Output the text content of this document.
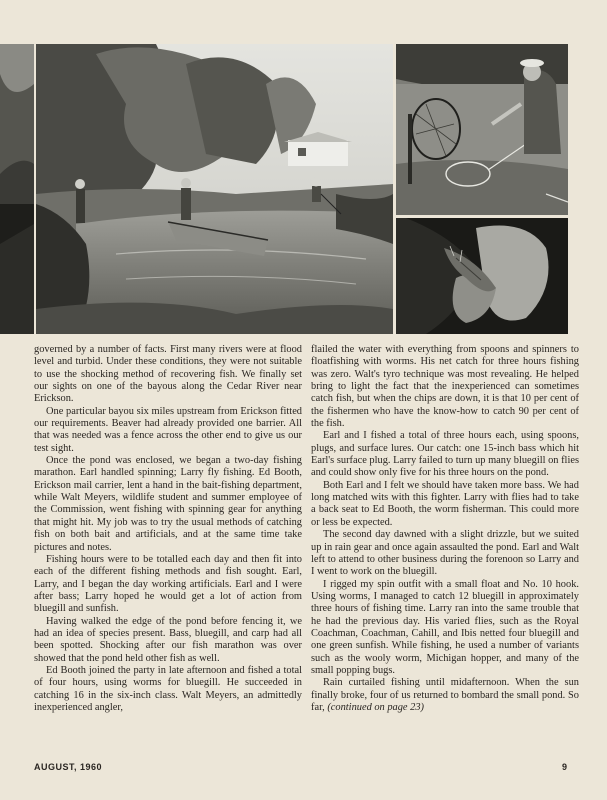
governed by a number of facts. First many rivers were at flood level and turbid. Under these conditions, they were not suitable to use the shocking method of recovering fish. We finally set our sights on one of the bayous along the Cedar River near Erickson.

One particular bayou six miles upstream from Erickson fitted our requirements. Beaver had already provided one barrier. All that was needed was a fence across the other end to give us our test sight.

Once the pond was enclosed, we began a two-day fishing marathon. Earl handled spinning; Larry fly fishing. Ed Booth, Erickson mail carrier, lent a hand in the bait-fishing department, while Walt Meyers, wildlife student and summer employee of the Commission, went fishing with spinning gear for anything that might hit. My job was to try the usual methods of catching fish on both bait and artificials, and at the same time take pictures and notes.

Fishing hours were to be totalled each day and then fit into each of the different fishing methods and fish sought. Earl, Larry, and I began the day working artificials. Earl and I were after bass; Larry hoped he would get a lot of action from bluegill and sunfish.

Having walked the edge of the pond before fencing it, we had an idea of species present. Bass, bluegill, and carp had all been spotted. Shocking after our fish marathon was over showed that the pond held other fish as well.

Ed Booth joined the party in late afternoon and fished a total of four hours, using worms for bluegill. He succeeded in catching 16 in the six-inch class. Walt Meyers, an admittedly inexperienced angler,

flailed the water with everything from spoons and spinners to floatfishing with worms. His net catch for three hours fishing was zero. Walt's tyro technique was most revealing. He helped bring to light the fact that the inexperienced can sometimes catch fish, but when the chips are down, it is that 10 per cent of the fishermen who have the know-how to catch 90 per cent of the fish.

Earl and I fished a total of three hours each, using spoons, plugs, and surface lures. Our catch: one 15-inch bass which hit Earl's surface plug. Larry failed to turn up many bluegill on flies and could show only five for his three hours on the pond.

Both Earl and I felt we should have taken more bass. We had long matched wits with this fighter. Larry with flies had to take a back seat to Ed Booth, the worm fisherman. This could more or less be expected.

The second day dawned with a slight drizzle, but we suited up in rain gear and once again assaulted the pond. Earl and Walt left to attend to other business during the forenoon so Larry and I went to work on the bluegill.

I rigged my spin outfit with a small float and No. 10 hook. Using worms, I managed to catch 12 bluegill in approximately three hours of fishing time. Larry ran into the same trouble that he had the previous day. His varied flies, such as the Royal Coachman, Coachman, Cahill, and Ibis netted four bluegill and one green sunfish. While fishing, he used a number of variants such as the wooly worm, Michigan hopper, and many of the small popping bugs.

Rain curtailed fishing until midafternoon. When the sun finally broke, four of us returned to bombard the small pond. So far, (continued on page 23)

AUGUST, 1960	9
